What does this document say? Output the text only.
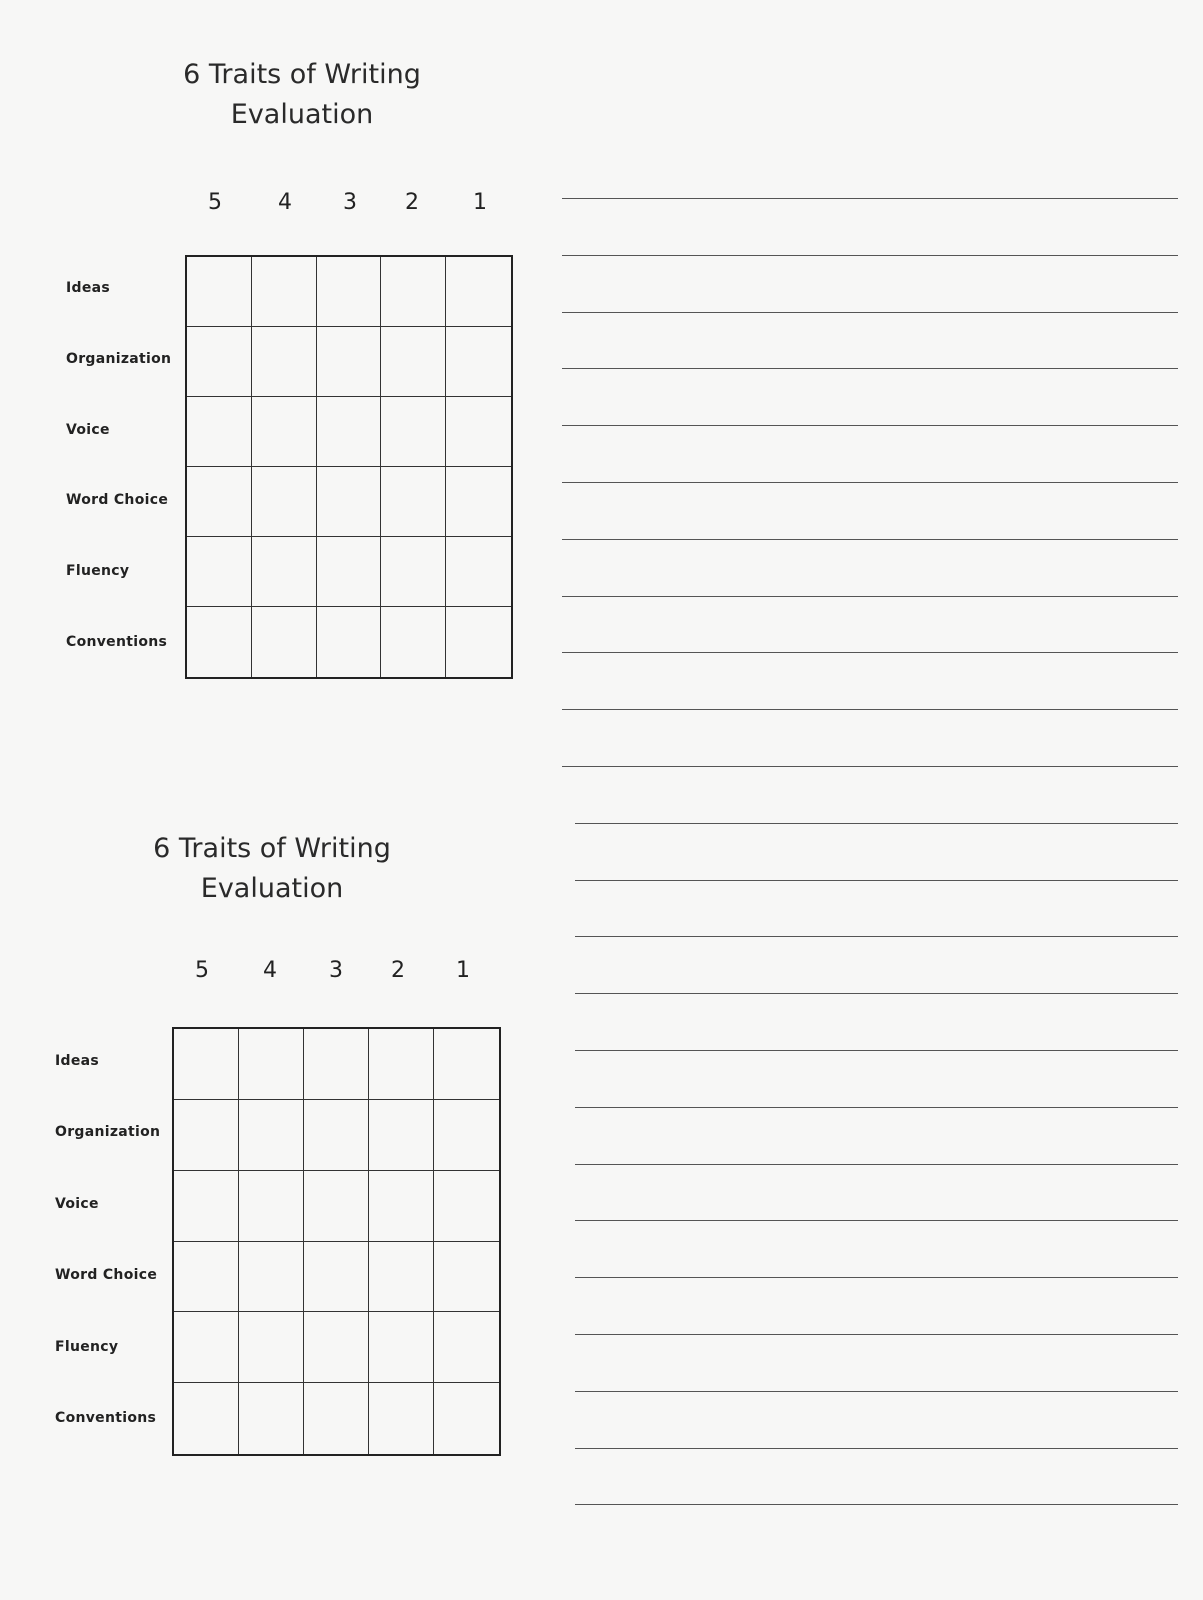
6 Traits of Writing
Evaluation
5	4	3	2	1
Ideas
Organization
Voice
Word Choice
Fluency
Conventions
6 Traits of Writing
Evaluation
5	4	3	2	1
Ideas
Organization
Voice
Word Choice
Fluency
Conventions
